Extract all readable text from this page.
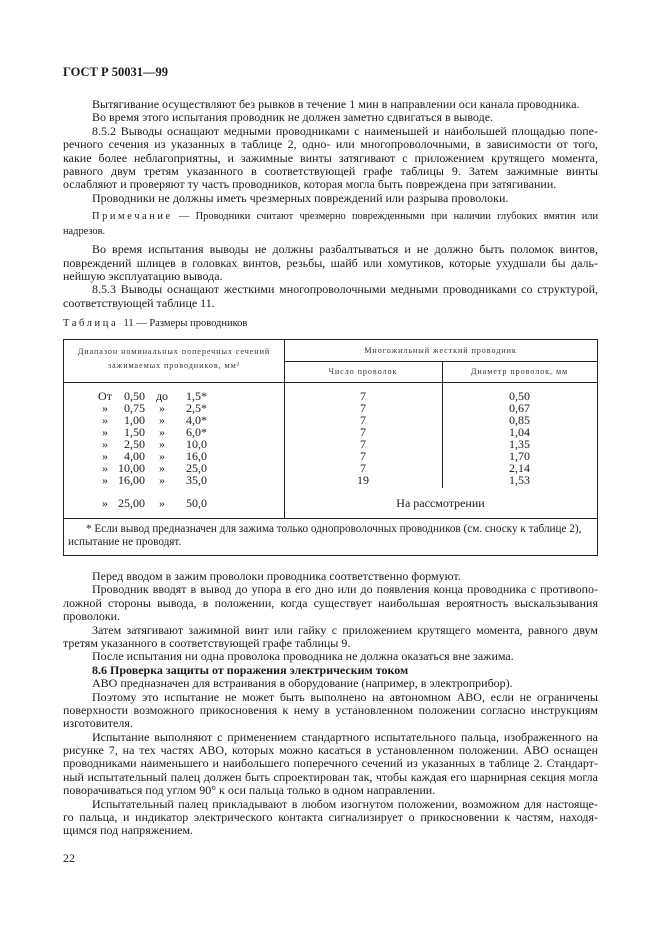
ГОСТ Р 50031—99
Вытягивание осуществляют без рывков в течение 1 мин в направлении оси канала проводника.
Во время этого испытания проводник не должен заметно сдвигаться в выводе.
8.5.2 Выводы оснащают медными проводниками с наименьшей и наибольшей площадью попе-
речного сечения из указанных в таблице 2, одно- или многопроволочными, в зависимости от того,
какие более неблагоприятны, и зажимные винты затягивают с приложением крутящего момента,
равного двум третям указанного в соответствующей графе таблицы 9. Затем зажимные винты
ослабляют и проверяют ту часть проводников, которая могла быть повреждена при затягивании.
Проводники не должны иметь чрезмерных повреждений или разрыва проволоки.
Примечание — Проводники считают чрезмерно поврежденными при наличии глубоких вмятин или
надрезов.
Во время испытания выводы не должны разбалтываться и не должно быть поломок винтов,
повреждений шлицев в головках винтов, резьбы, шайб или хомутиков, которые ухудшали бы даль-
нейшую эксплуатацию вывода.
8.5.3 Выводы оснащают жесткими многопроволочными медными проводниками со структурой,
соответствующей таблице 11.
Таблица 11 — Размеры проводников
Диапазон номинальных поперечных сечений
зажимаемых проводников, мм²
Многожильный жесткий проводник
Число проволок	Диаметр проволок, мм
От	0,50 до	1,5*	7	0,50
»	0,75	»	2,5*	7	0,67
»	1,00	»	4,0*	7	0,85
»	1,50	»	6,0*	7	1,04
»	2,50	»	10,0	7	1,35
»	4,00	»	16,0	7	1,70
» 10,00	»	25,0	7	2,14
» 16,00	»	35,0	19	1,53
» 25,00	»	50,0	На рассмотрении
* Если вывод предназначен для зажима только однопроволочных проводников (см. сноску к таблице 2),
испытание не проводят.
Перед вводом в зажим проволоки проводника соответственно формуют.
Проводник вводят в вывод до упора в его дно или до появления конца проводника с противопо-
ложной стороны вывода, в положении, когда существует наибольшая вероятность выскальзывания
проволоки.
Затем затягивают зажимной винт или гайку с приложением крутящего момента, равного двум
третям указанного в соответствующей графе таблицы 9.
После испытания ни одна проволока проводника не должна оказаться вне зажима.
8.6 Проверка защиты от поражения электрическим током
АВО предназначен для встраивания в оборудование (например, в электроприбор).
Поэтому это испытание не может быть выполнено на автономном АВО, если не ограничены
поверхности возможного прикосновения к нему в установленном положении согласно инструкциям
изготовителя.
Испытание выполняют с применением стандартного испытательного пальца, изображенного на
рисунке 7, на тех частях АВО, которых можно касаться в установленном положении. АВО оснащен
проводниками наименьшего и наибольшего поперечного сечений из указанных в таблице 2. Стандарт-
ный испытательный палец должен быть спроектирован так, чтобы каждая его шарнирная секция могла
поворачиваться под углом 90° к оси пальца только в одном направлении.
Испытательный палец прикладывают в любом изогнутом положении, возможном для настояще-
го пальца, и индикатор электрического контакта сигнализирует о прикосновении к частям, находя-
щимся под напряжением.
22
